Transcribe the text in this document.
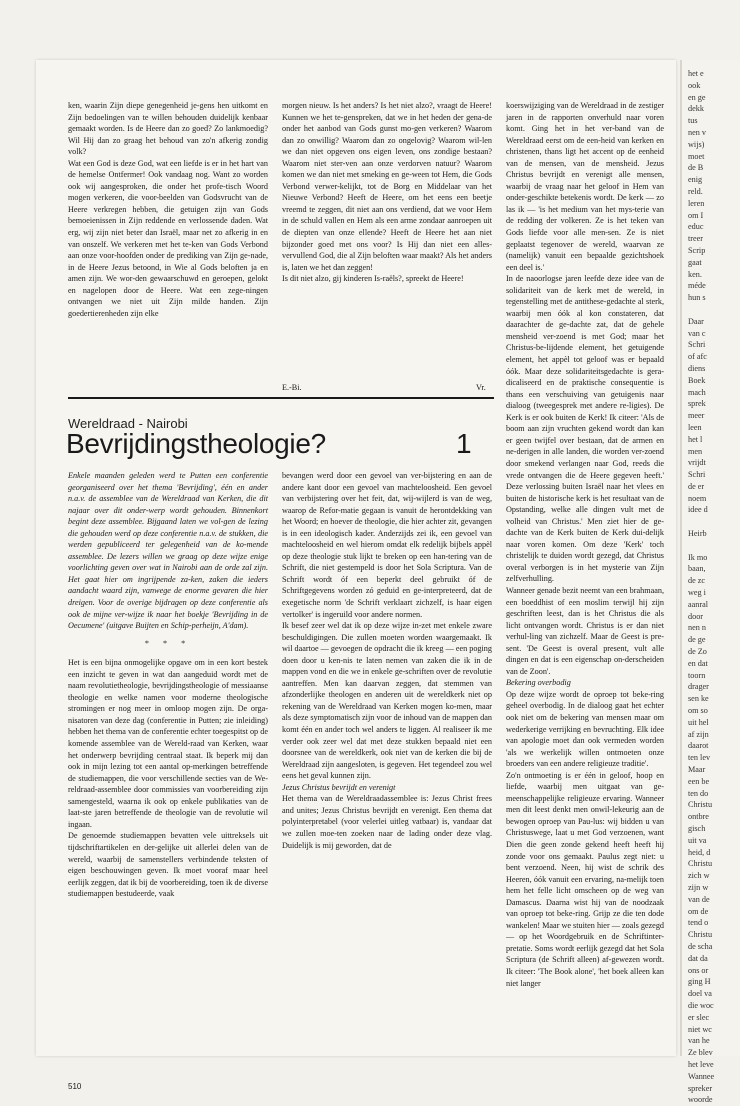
ken, waarin Zijn diepe genegenheid je-gens hen uitkomt en Zijn bedoelingen van te willen behouden duidelijk kenbaar gemaakt worden. Is de Heere dan zo goed? Zo lankmoedig? Wil Hij dan zo graag het behoud van zo'n afkerig zondig volk?

Wat een God is deze God, wat een liefde is er in het hart van de hemelse Ontfermer! Ook vandaag nog. Want zo worden ook wij aangesproken, die onder het profe-tisch Woord mogen verkeren, die voor-beelden van Godsvrucht van de Heere verkregen hebben, die getuigen zijn van Gods bemoeienissen in Zijn reddende en verlossende daden. Wat erg, wij zijn niet beter dan Israël, maar net zo afkerig in en van onszelf. We verkeren met het te-ken van Gods Verbond aan onze voor-hoofden onder de prediking van Zijn ge-nade, in de Heere Jezus betoond, in Wie al Gods beloften ja en amen zijn. We wor-den gewaarschuwd en geroepen, gelokt en nagelopen door de Heere. Wat een zege-ningen ontvangen we niet uit Zijn milde handen. Zijn goedertierenheden zijn elke

morgen nieuw. Is het anders? Is het niet alzo?, vraagt de Heere! Kunnen we het te-genspreken, dat we in het heden der gena-de onder het aanbod van Gods gunst mo-gen verkeren? Waarom dan zo onwillig? Waarom dan zo ongelovig? Waarom wil-len we dan niet opgeven ons eigen leven, ons zondige bestaan? Waarom niet ster-ven aan onze verdorven natuur? Waarom komen we dan niet met smeking en ge-ween tot Hem, die Gods Verbond verwer-kelijkt, tot de Borg en Middelaar van het Nieuwe Verbond? Heeft de Heere, om het eens een beetje vreemd te zeggen, dit niet aan ons verdiend, dat we voor Hem in de schuld vallen en Hem als een arme zondaar aanroepen uit de diepten van onze ellende? Heeft de Heere het aan niet bijzonder goed met ons voor? Is Hij dan niet een alles-vervullend God, die al Zijn beloften waar maakt? Als het anders is, laten we het dan zeggen!

Is dit niet alzo, gij kinderen Is-raëls?, spreekt de Heere!

E.-Bi.	Vr.
Wereldraad - Nairobi
Bevrijdingstheologie?	1

Enkele maanden geleden werd te Putten een conferentie georganiseerd over het thema 'Bevrijding', één en ander n.a.v. de assemblee van de Wereldraad van Kerken, die dit najaar over dit onder-werp wordt gehouden. Binnenkort begint deze assemblee. Bijgaand laten we vol-gen de lezing die gehouden werd op deze conferentie n.a.v. de stukken, die werden gepubliceerd ter gelegenheid van de ko-mende assemblee. De lezers willen we graag op deze wijze enige voorlichting geven over wat in Nairobi aan de orde zal zijn. Het gaat hier om ingrijpende za-ken, zaken die ieders aandacht waard zijn, vanwege de enorme gevaren die hier dreigen. Voor de overige bijdragen op deze conferentie als ook de mijne ver-wijze ik naar het boekje 'Bevrijding in de Oecumene' (uitgave Buijten en Schip-perheijn, A'dam).

* * *

Het is een bijna onmogelijke opgave om in een kort bestek een inzicht te geven in wat dan aangeduid wordt met de naam revolutietheologie, bevrijdingstheologie of messiaanse theologie en welke namen voor moderne theologische stromingen er nog meer in omloop mogen zijn. De orga-nisatoren van deze dag (conferentie in Putten; zie inleiding) hebben het thema van de conferentie echter toegespitst op de komende assemblee van de Wereld-raad van Kerken, waar het onderwerp bevrijding centraal staat. Ik beperk mij dan ook in mijn lezing tot een aantal op-merkingen betreffende de studiemappen, die voor verschillende secties van de We-reldraad-assemblee door commissies van voorbereiding zijn samengesteld, waarna ik ook op enkele publikaties van de laat-ste jaren betreffende de theologie van de revolutie wil ingaan.

De genoemde studiemappen bevatten vele uittreksels uit tijdschriftartikelen en der-gelijke uit allerlei delen van de wereld, waarbij de samenstellers verbindende teksten of eigen beschouwingen geven. Ik moet vooraf maar heel eerlijk zeggen, dat ik bij de voorbereiding, toen ik de diverse studiemappen bestudeerde, vaak

bevangen werd door een gevoel van ver-bijstering en aan de andere kant door een gevoel van machteloosheid. Een gevoel van verbijstering over het feit, dat, wij-wijlerd is van de weg, waarop de Refor-matie gegaan is vanuit de herontdekking van het Woord; en hoever de theologie, die hier achter zit, gevangen is in een ideologisch kader. Anderzijds zei ik, een gevoel van machteloosheid en wel hierom omdat elk redelijk bijbels appèl op deze theologie stuk lijkt te breken op een han-tering van de Schrift, die niet gestempeld is door het Sola Scriptura. Van de Schrift wordt óf een beperkt deel gebruikt óf de Schriftgegevens worden zó geduid en ge-interpreteerd, dat de exegetische norm 'de Schrift verklaart zichzelf, is haar eigen vertolker' is ingeruild voor andere normen.

Ik besef zeer wel dat ik op deze wijze in-zet met enkele zware beschuldigingen. Die zullen moeten worden waargemaakt. Ik wil daartoe — gevoegen de opdracht die ik kreeg — een poging doen door u ken-nis te laten nemen van zaken die ik in de mappen vond en die we in enkele ge-schriften over de revolutie aantreffen. Men kan daarvan zeggen, dat stemmen van afzonderlijke theologen en anderen uit de wereldkerk niet op rekening van de Wereldraad van Kerken mogen ko-men, maar als deze symptomatisch zijn voor de inhoud van de mappen dan komt één en ander toch wel anders te liggen. Al realiseer ik me verder ook zeer wel dat met deze stukken bepaald niet een doorsnee van de wereldkerk, ook niet van de kerken die bij de Wereldraad zijn aangesloten, is gegeven. Het tegendeel zou wel eens het geval kunnen zijn.

Jezus Christus bevrijdt en verenigt

Het thema van de Wereldraadassemblee is: Jezus Christ frees and unites; Jezus Christus bevrijdt en verenigt. Een thema dat polyinterpretabel (voor velerlei uitleg vatbaar) is, vandaar dat we zullen moe-ten zoeken naar de lading onder deze vlag. Duidelijk is mij geworden, dat de

koerswijziging van de Wereldraad in de zestiger jaren in de rapporten onverhuld naar voren komt. Ging het in het ver-band van de Wereldraad eerst om de een-heid van kerken en christenen, thans ligt het accent op de eenheid van de mensen, van de mensheid. Jezus Christus bevrijdt en verenigt alle mensen, waarbij de vraag naar het geloof in Hem van onder-geschikte betekenis wordt. De kerk — zo las ik — 'is het medium van het mys-terie van de redding der volkeren. Ze is het teken van Gods liefde voor alle men-sen. Ze is niet geplaatst tegenover de wereld, waarvan ze (namelijk) vanuit een bepaalde gezichtshoek een deel is.'

In de naoorlogse jaren leefde deze idee van de solidariteit van de kerk met de wereld, in tegenstelling met de antithese-gedachte al sterk, waarbij men óók al kon constateren, dat daarachter de ge-dachte zat, dat de gehele mensheid ver-zoend is met God; maar het Christus-be-lijdende element, het getuigende element, het appèl tot geloof was er bepaald óók. Maar deze solidariteitsgedachte is gera-dicaliseerd en de praktische consequentie is thans een verschuiving van getuigenis naar dialoog (tweegesprek met andere re-ligies). De Kerk is er ook buiten de Kerk! Ik citeer: 'Als de boom aan zijn vruchten gekend wordt dan kan er geen twijfel over bestaan, dat de armen en ne-derigen in alle landen, die worden ver-zoend door smekend verlangen naar God, reeds die vrede ontvangen die de Heere gegeven heeft.' Deze verlossing buiten Israël naar het vlees en buiten de historische kerk is het resultaat van de Opstanding, welke alle dingen vult met de volheid van Christus.' Men ziet hier de ge-dachte van de Kerk buiten de Kerk dui-delijk naar voren komen. Om deze 'Kerk' toch christelijk te duiden wordt gezegd, dat Christus overal verborgen is in het mysterie van Zijn zelfverhulling.

Wanneer genade bezit neemt van een brahmaan, een boeddhist of een moslim terwijl hij zijn geschriften leest, dan is het Christus die als licht ontvangen wordt. Christus is er dan niet verhul-ling van zichzelf. Maar de Geest is pre-sent. 'De Geest is overal present, vult alle dingen en dat is een eigenschap on-derscheiden van de Zoon'.

Bekering overbodig

Op deze wijze wordt de oproep tot beke-ring geheel overbodig. In de dialoog gaat het echter ook niet om de bekering van mensen maar om wederkerige verrijking en bevruchting. Elk idee van apologie moet dan ook vermeden worden 'als we werkelijk willen ontmoeten onze broeders van een andere religieuze traditie'.

Zo'n ontmoeting is er één in geloof, hoop en liefde, waarbij men uitgaat van ge-meenschappelijke religieuze ervaring. Wanneer men dit leest denkt men onwil-lekeurig aan de bewogen oproep van Pau-lus: wij bidden u van Christuswege, laat u met God verzoenen, want Dien die geen zonde gekend heeft heeft hij zonde voor ons gemaakt. Paulus zegt niet: u bent verzoend. Neen, hij wist de schrik des Heeren, óók vanuit een ervaring, na-melijk toen hem het felle licht omscheen op de weg van Damascus. Daarna wist hij van de noodzaak van oproep tot beke-ring. Grijp ze die ten dode wankelen! Maar we stuiten hier — zoals gezegd — op het Woordgebruik en de Schriftinter-pretatie. Soms wordt eerlijk gezegd dat het Sola Scriptura (de Schrift alleen) af-gewezen wordt. Ik citeer: 'The Book alone', 'het boek alleen kan niet langer

510

het e
ook
en ge
dekk
tus
nen v
wijs)
moet
de B
enig
reld.
leren
om I
educ
treer
Scrip
gaat
ken.
méde
hun s

Daar
van c
Schri
of afc
diens
Boek
mach
sprek
meer
leen
het l
men
vrijdt
Schri
de er
noem
idee d

Heirb

Ik mo
baan,
de zc
weg i
aanral
door
nen n
de ge
de Zo
en dat
toorn
drager
sen ke
om so
uit hel
af zijn
daarot
ten lev
Maar
een be
ten do
Christu
ontbre
gisch
uit va
heid, d
Christu
zich w
zijn w
van de
om de
tend o
Christu
de scha
dat da
ons or
ging H
doel va
die woc
er slec
niet wc
van he
Ze blev
het leve
Wannee
spreker
woorde
